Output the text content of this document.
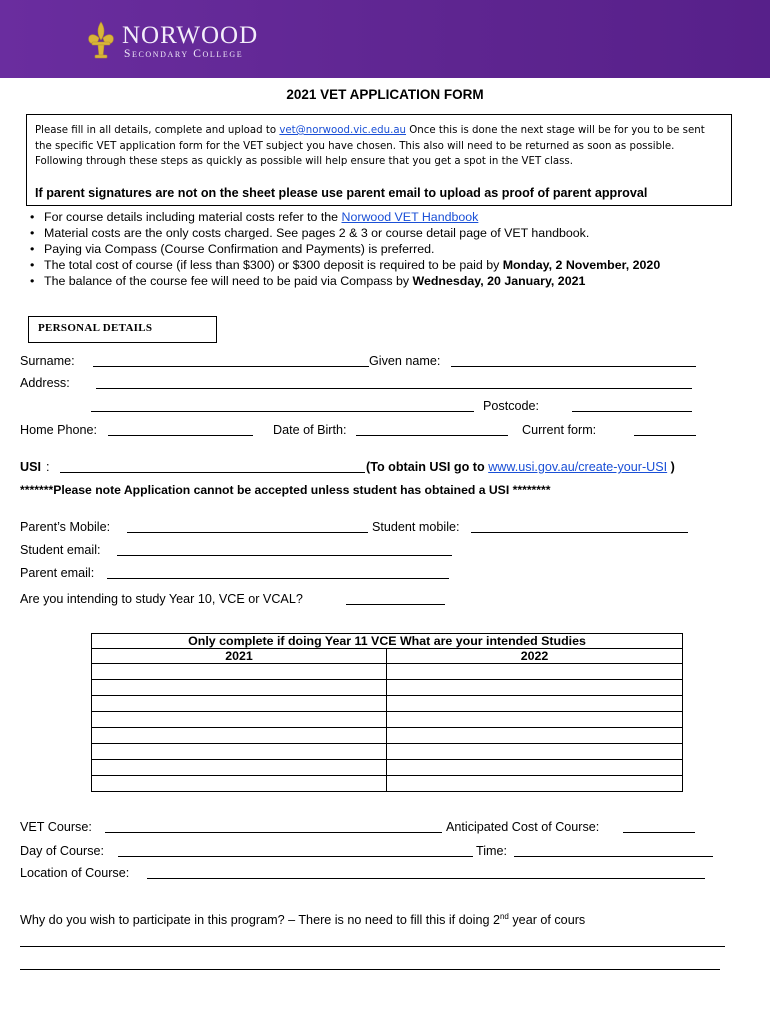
NORWOOD
Secondary College
2021 VET APPLICATION FORM
Please fill in all details, complete and upload to vet@norwood.vic.edu.au Once this is done the next stage will be for you to be sent the specific VET application form for the VET subject you have chosen. This also will need to be returned as soon as possible. Following through these steps as quickly as possible will help ensure that you get a spot in the VET class.
If parent signatures are not on the sheet please use parent email to upload as proof of parent approval
• For course details including material costs refer to the Norwood VET Handbook
• Material costs are the only costs charged. See pages 2 & 3 or course detail page of VET handbook.
• Paying via Compass (Course Confirmation and Payments) is preferred.
• The total cost of course (if less than $300) or $300 deposit is required to be paid by Monday, 2 November, 2020
• The balance of the course fee will need to be paid via Compass by Wednesday, 20 January, 2021
PERSONAL DETAILS
Surname:	Given name:
Address:
Postcode:
Home Phone:	Date of Birth:	Current form:
USI :	(To obtain USI go to www.usi.gov.au/create-your-USI )
*******Please note Application cannot be accepted unless student has obtained a USI ********
Parent’s Mobile:	Student mobile:
Student email:
Parent email:
Are you intending to study Year 10, VCE or VCAL?
Only complete if doing Year 11 VCE What are your intended Studies	

2021	2022

VET Course:	Anticipated Cost of Course:
Day of Course:	Time:
Location of Course:
Why do you wish to participate in this program? – There is no need to fill this if doing 2nd year of cours
